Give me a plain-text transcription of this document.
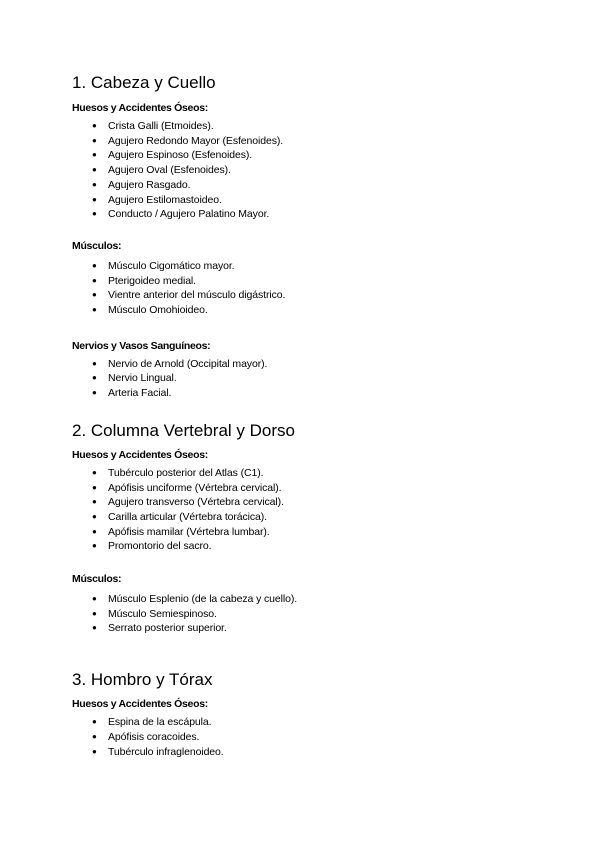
1. Cabeza y Cuello

Huesos y Accidentes Óseos:

● Crista Galli (Etmoides).
● Agujero Redondo Mayor (Esfenoides).
● Agujero Espinoso (Esfenoides).
● Agujero Oval (Esfenoides).
● Agujero Rasgado.
● Agujero Estilomastoideo.
● Conducto / Agujero Palatino Mayor.

Músculos:

● Músculo Cigomático mayor.
● Pterigoideo medial.
● Vientre anterior del músculo digástrico.
● Músculo Omohioideo.

Nervios y Vasos Sanguíneos:

● Nervio de Arnold (Occipital mayor).
● Nervio Lingual.
● Arteria Facial.
2. Columna Vertebral y Dorso

Huesos y Accidentes Óseos:

● Tubérculo posterior del Atlas (C1).
● Apófisis unciforme (Vértebra cervical).
● Agujero transverso (Vértebra cervical).
● Carilla articular (Vértebra torácica).
● Apófisis mamilar (Vértebra lumbar).
● Promontorio del sacro.

Músculos:

● Músculo Esplenio (de la cabeza y cuello).
● Músculo Semiespinoso.
● Serrato posterior superior.
3. Hombro y Tórax

Huesos y Accidentes Óseos:

● Espina de la escápula.
● Apófisis coracoides.
● Tubérculo infraglenoideo.
